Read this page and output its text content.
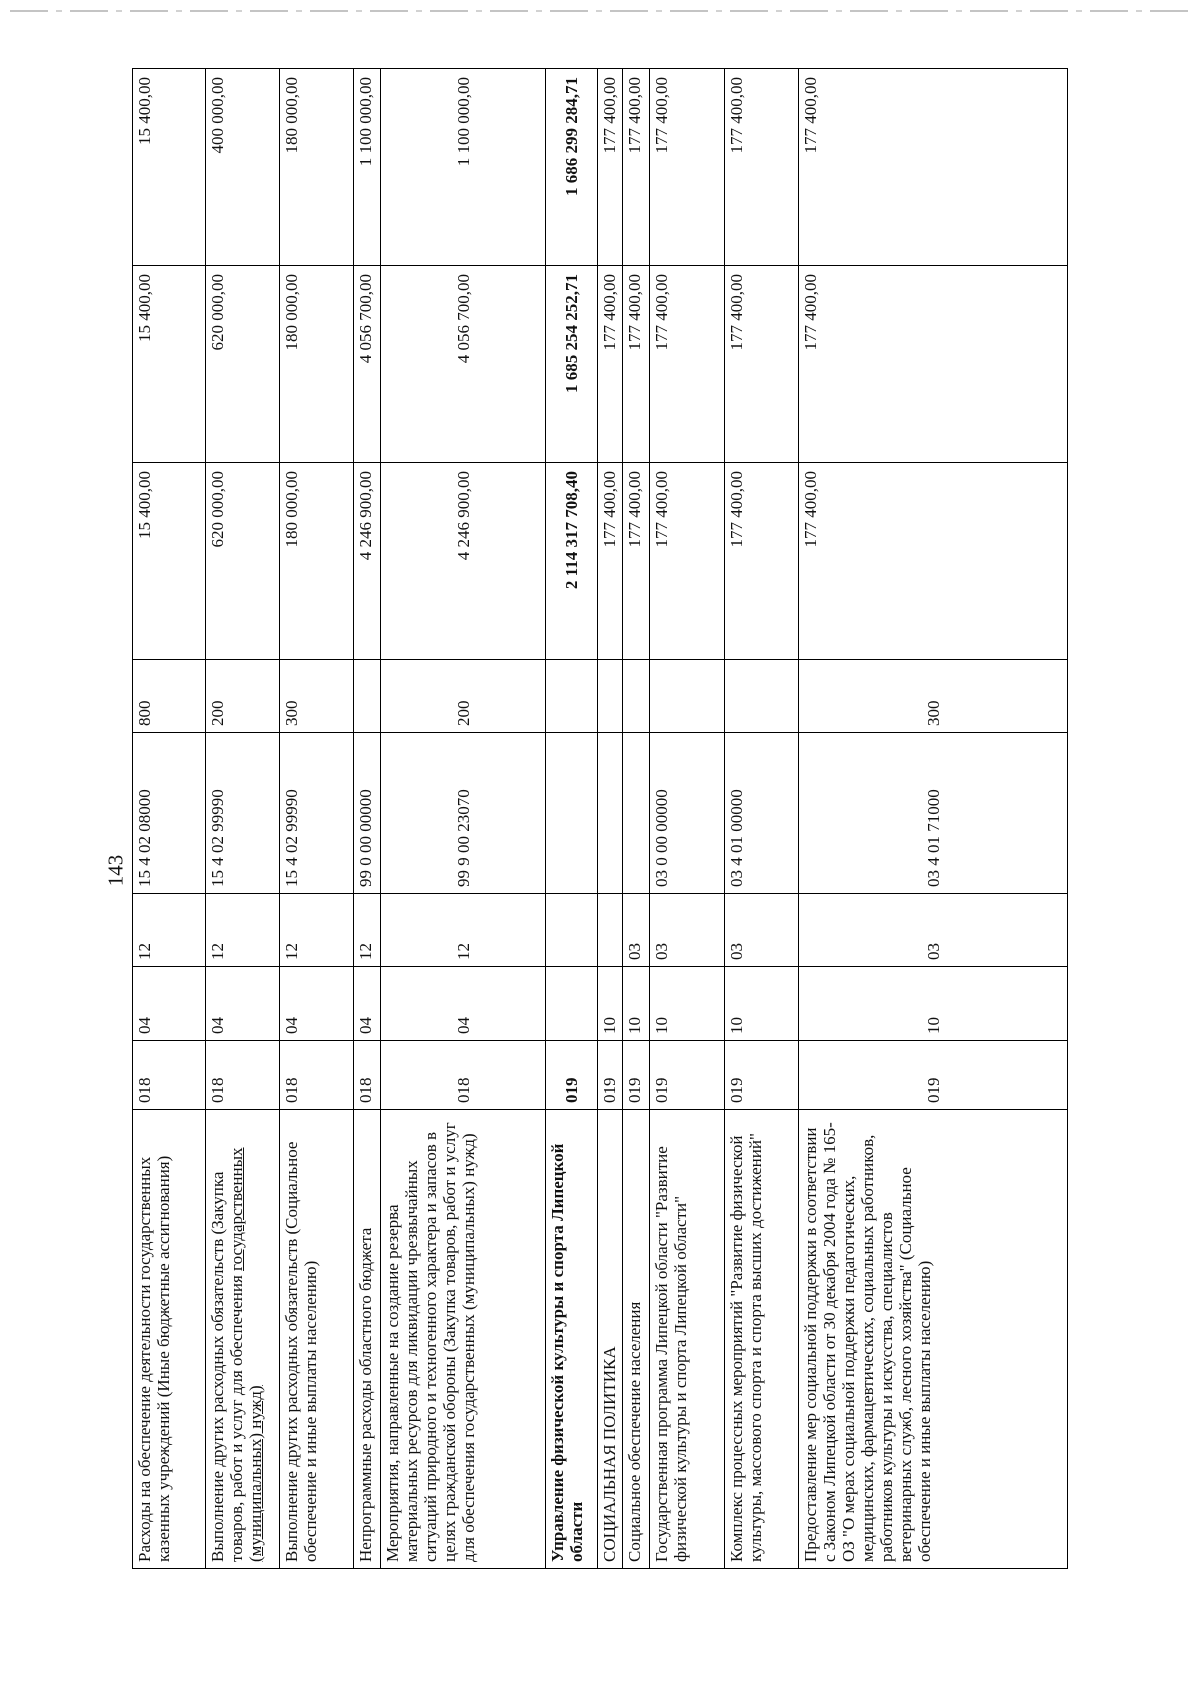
143
Расходы на обеспечение деятельности государственных казенных учреждений (Иные бюджетные ассигнования)	018	04	12	15 4 02 08000	800	15 400,00	15 400,00	15 400,00
Выполнение других расходных обязательств (Закупка товаров, работ и услуг для обеспечения государственных (муниципальных) нужд)	018	04	12	15 4 02 99990	200	620 000,00	620 000,00	400 000,00
Выполнение других расходных обязательств (Социальное обеспечение и иные выплаты населению)	018	04	12	15 4 02 99990	300	180 000,00	180 000,00	180 000,00
Непрограммные расходы областного бюджета	018	04	12	99 0 00 00000		4 246 900,00	4 056 700,00	1 100 000,00
Мероприятия, направленные на создание резерва материальных ресурсов для ликвидации чрезвычайных ситуаций природного и техногенного характера и запасов в целях гражданской обороны (Закупка товаров, работ и услуг для обеспечения государственных (муниципальных) нужд)	018	04	12	99 9 00 23070	200	4 246 900,00	4 056 700,00	1 100 000,00
Управление физической культуры и спорта Липецкой области	019					2 114 317 708,40	1 685 254 252,71	1 686 299 284,71
СОЦИАЛЬНАЯ ПОЛИТИКА	019	10				177 400,00	177 400,00	177 400,00
Социальное обеспечение населения	019	10	03			177 400,00	177 400,00	177 400,00
Государственная программа Липецкой области "Развитие физической культуры и спорта Липецкой области"	019	10	03	03 0 00 00000		177 400,00	177 400,00	177 400,00
Комплекс процессных мероприятий "Развитие физической культуры, массового спорта и спорта высших достижений"	019	10	03	03 4 01 00000		177 400,00	177 400,00	177 400,00
Предоставление мер социальной поддержки в соответствии с Законом Липецкой области от 30 декабря 2004 года № 165-ОЗ "О мерах социальной поддержки педагогических, медицинских, фармацевтических, социальных работников, работников культуры и искусства, специалистов ветеринарных служб, лесного хозяйства" (Социальное обеспечение и иные выплаты населению)	019	10	03	03 4 01 71000	300	177 400,00	177 400,00	177 400,00
